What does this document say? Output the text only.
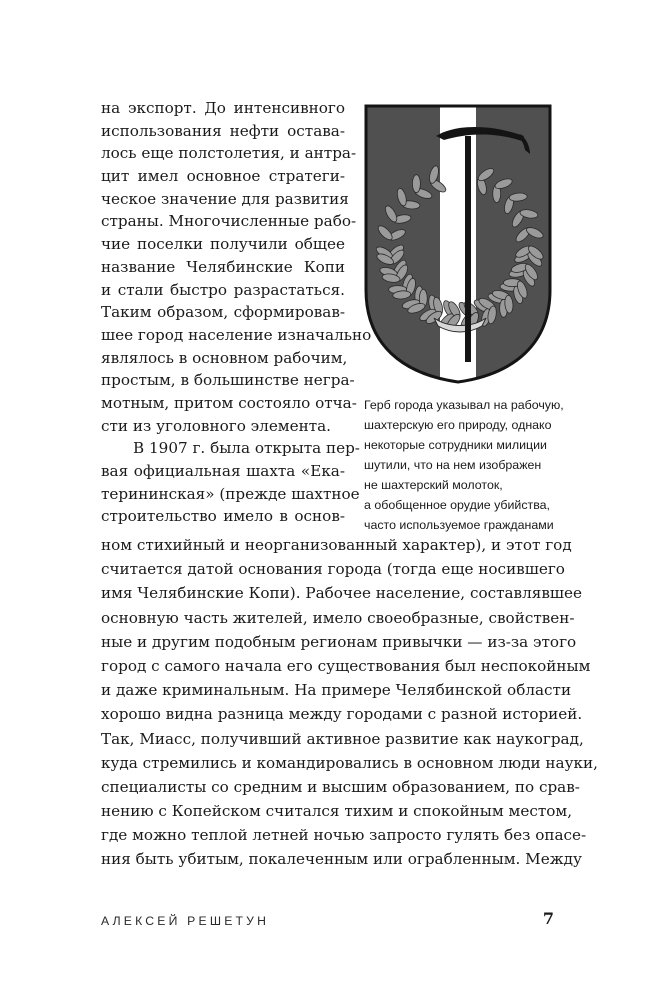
на экспорт. До интенсивного
использования нефти остава-
лось еще полстолетия, и антра-
цит имел основное стратеги-
ческое значение для развития
страны. Многочисленные рабо-
чие поселки получили общее
название Челябинские Копи
и стали быстро разрастаться.
Таким образом, сформировав-
шее город население изначально
являлось в основном рабочим,
простым, в большинстве негра-
мотным, притом состояло отча-
сти из уголовного элемента.
В 1907 г. была открыта пер-
вая официальная шахта «Ека-
терининская» (прежде шахтное
строительство имело в основ-
ном стихийный и неорганизованный характер), и этот год
считается датой основания города (тогда еще носившего
имя Челябинские Копи). Рабочее население, составлявшее
основную часть жителей, имело своеобразные, свойствен-
ные и другим подобным регионам привычки — из-за этого
город с самого начала его существования был неспокойным
и даже криминальным. На примере Челябинской области
хорошо видна разница между городами с разной историей.
Так, Миасс, получивший активное развитие как наукоград,
куда стремились и командировались в основном люди науки,
специалисты со средним и высшим образованием, по срав-
нению с Копейском считался тихим и спокойным местом,
где можно теплой летней ночью запросто гулять без опасе-
ния быть убитым, покалеченным или ограбленным. Между
Герб города указывал на рабочую,
шахтерскую его природу, однако
некоторые сотрудники милиции
шутили, что на нем изображен
не шахтерский молоток,
а обобщенное орудие убийства,
часто используемое гражданами
АЛЕКСЕЙ РЕШЕТУН	7
